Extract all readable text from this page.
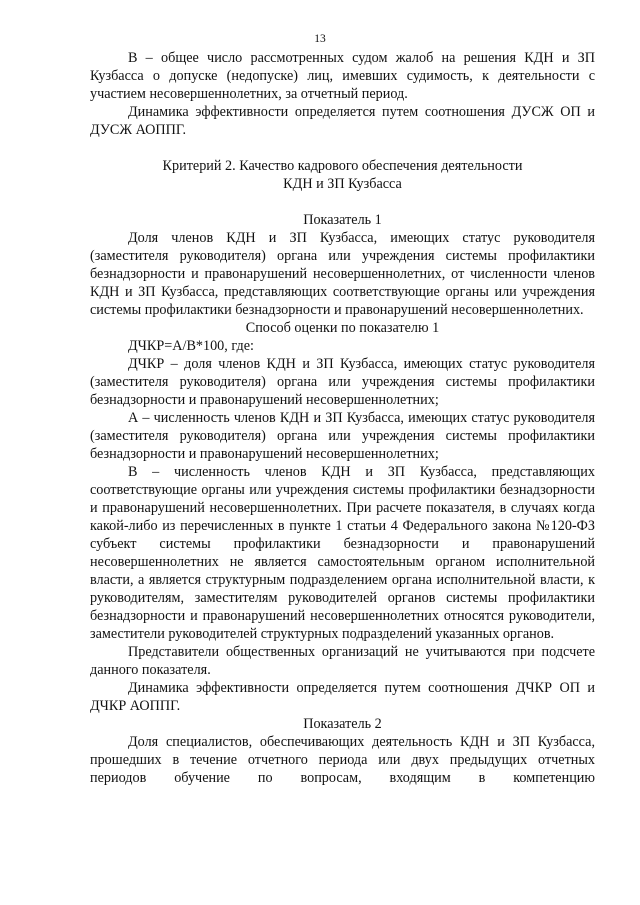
13

В – общее число рассмотренных судом жалоб на решения КДН и ЗП Кузбасса о допуске (недопуске) лиц, имевших судимость, к деятельности с участием несовершеннолетних, за отчетный период.

Динамика эффективности определяется путем соотношения ДУСЖ ОП и ДУСЖ АОППГ.

Критерий 2. Качество кадрового обеспечения деятельности

КДН и ЗП Кузбасса

Показатель 1

Доля членов КДН и ЗП Кузбасса, имеющих статус руководителя (заместителя руководителя) органа или учреждения системы профилактики безнадзорности и правонарушений несовершеннолетних, от численности членов КДН и ЗП Кузбасса, представляющих соответствующие органы или учреждения системы профилактики безнадзорности и правонарушений несовершеннолетних.

Способ оценки по показателю 1

ДЧКР=А/В*100, где:

ДЧКР – доля членов КДН и ЗП Кузбасса, имеющих статус руководителя (заместителя руководителя) органа или учреждения системы профилактики безнадзорности и правонарушений несовершеннолетних;

А – численность членов КДН и ЗП Кузбасса, имеющих статус руководителя (заместителя руководителя) органа или учреждения системы профилактики безнадзорности и правонарушений несовершеннолетних;

В – численность членов КДН и ЗП Кузбасса, представляющих соответствующие органы или учреждения системы профилактики безнадзорности и правонарушений несовершеннолетних. При расчете показателя, в случаях когда какой-либо из перечисленных в пункте 1 статьи 4 Федерального закона №120-ФЗ субъект системы профилактики безнадзорности и правонарушений несовершеннолетних не является самостоятельным органом исполнительной власти, а является структурным подразделением органа исполнительной власти, к руководителям, заместителям руководителей органов системы профилактики безнадзорности и правонарушений несовершеннолетних относятся руководители, заместители руководителей структурных подразделений указанных органов.

Представители общественных организаций не учитываются при подсчете данного показателя.

Динамика эффективности определяется путем соотношения ДЧКР ОП и ДЧКР АОППГ.

Показатель 2

Доля специалистов, обеспечивающих деятельность КДН и ЗП Кузбасса, прошедших в течение отчетного периода или двух предыдущих отчетных периодов обучение по вопросам, входящим в компетенцию
